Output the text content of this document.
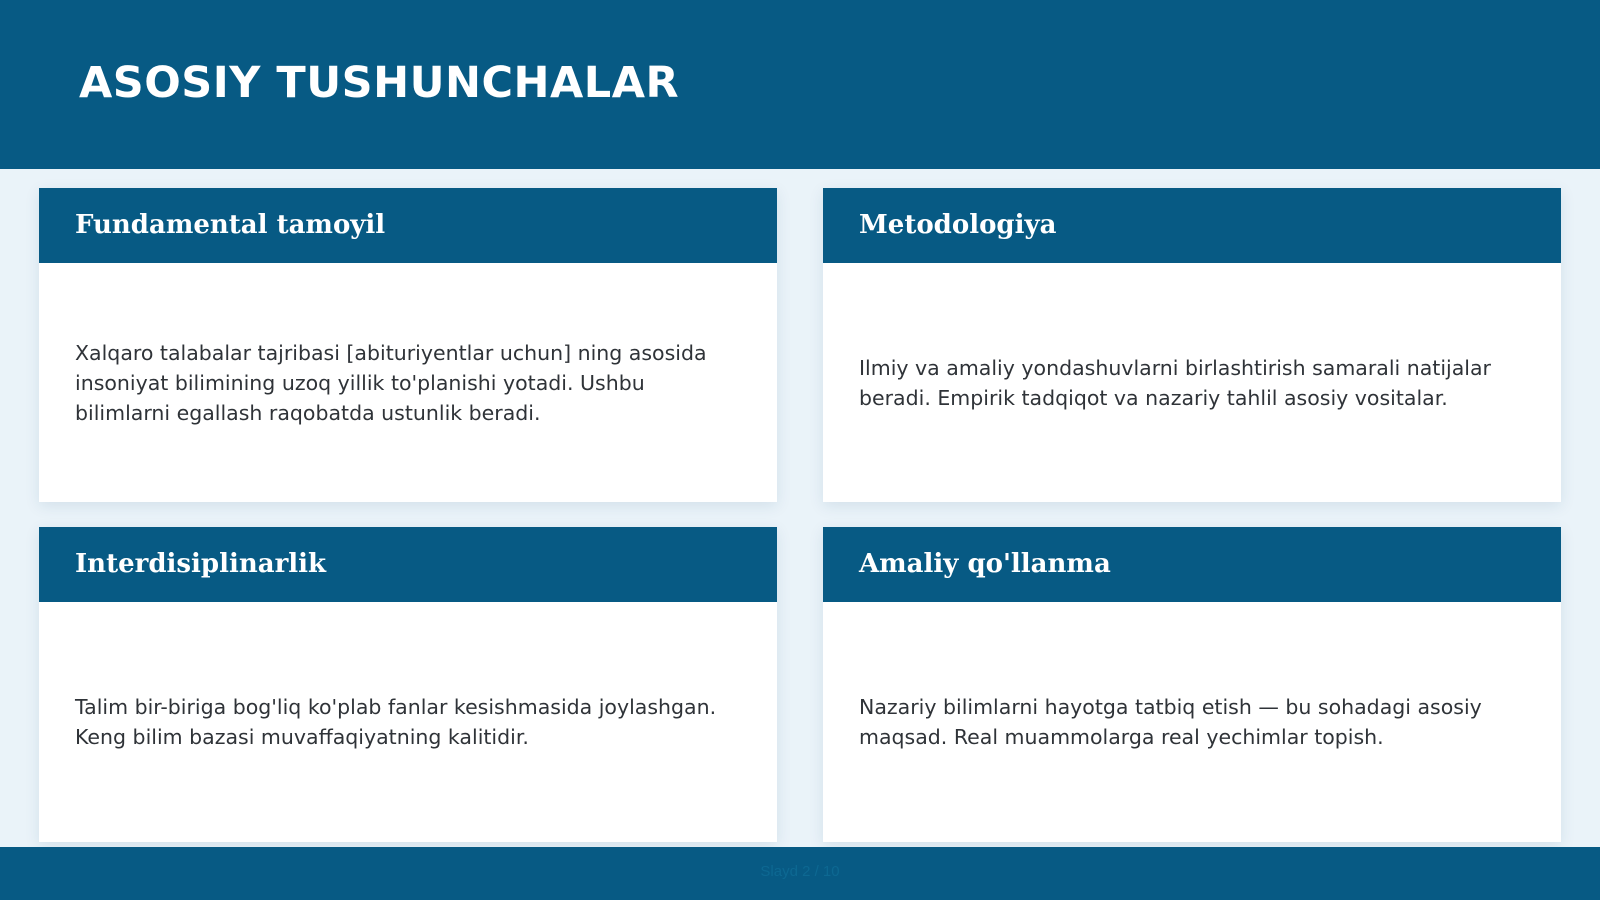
ASOSIY TUSHUNCHALAR
Fundamental tamoyil

Xalqaro talabalar tajribasi [abituriyentlar uchun] ning asosida insoniyat bilimining uzoq yillik to'planishi yotadi. Ushbu bilimlarni egallash raqobatda ustunlik beradi.

Metodologiya

Ilmiy va amaliy yondashuvlarni birlashtirish samarali natijalar beradi. Empirik tadqiqot va nazariy tahlil asosiy vositalar.

Interdisiplinarlik

Talim bir-biriga bog'liq ko'plab fanlar kesishmasida joylashgan. Keng bilim bazasi muvaffaqiyatning kalitidir.

Amaliy qo'llanma

Nazariy bilimlarni hayotga tatbiq etish — bu sohadagi asosiy maqsad. Real muammolarga real yechimlar topish.

Slayd 2 / 10
